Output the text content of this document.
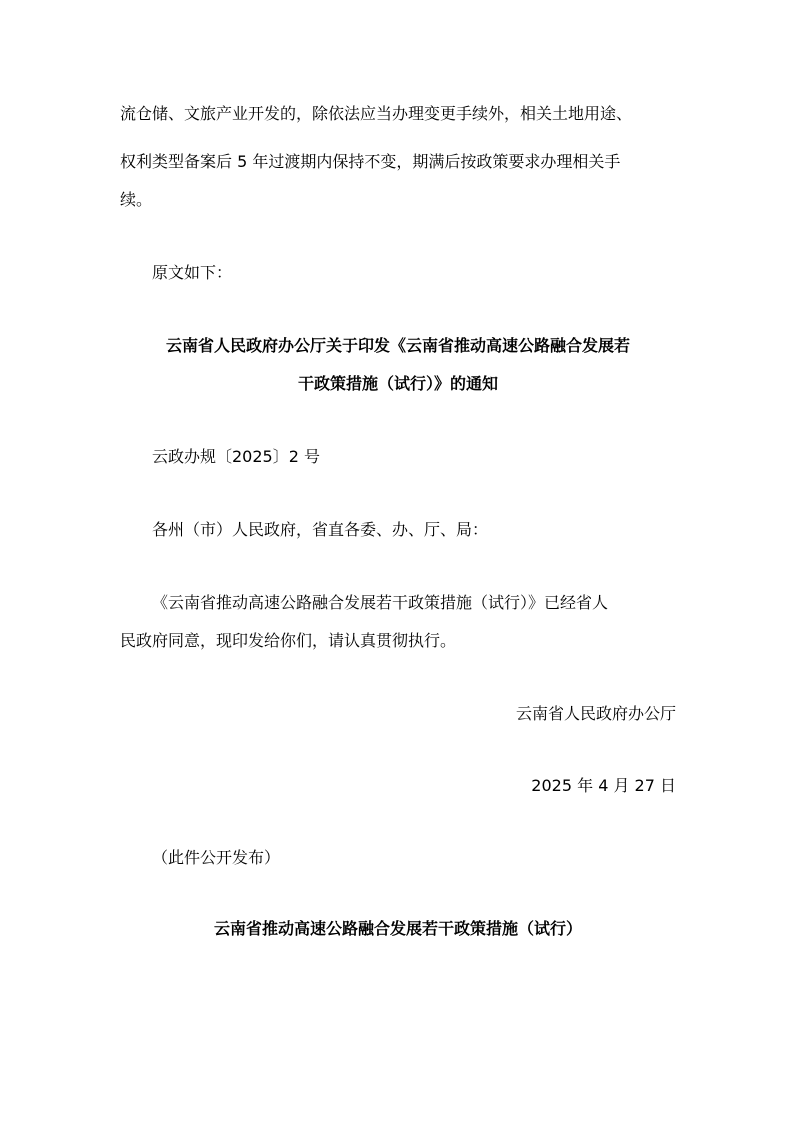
流仓储、文旅产业开发的，除依法应当办理变更手续外，相关土地用途、
权利类型备案后 5 年过渡期内保持不变，期满后按政策要求办理相关手
续。
原文如下：
云南省人民政府办公厅关于印发《云南省推动高速公路融合发展若
干政策措施（试行）》的通知
云政办规〔2025〕2 号
各州（市）人民政府，省直各委、办、厅、局：
《云南省推动高速公路融合发展若干政策措施（试行）》已经省人
民政府同意，现印发给你们，请认真贯彻执行。
云南省人民政府办公厅
2025 年 4 月 27 日
（此件公开发布）
云南省推动高速公路融合发展若干政策措施（试行）
